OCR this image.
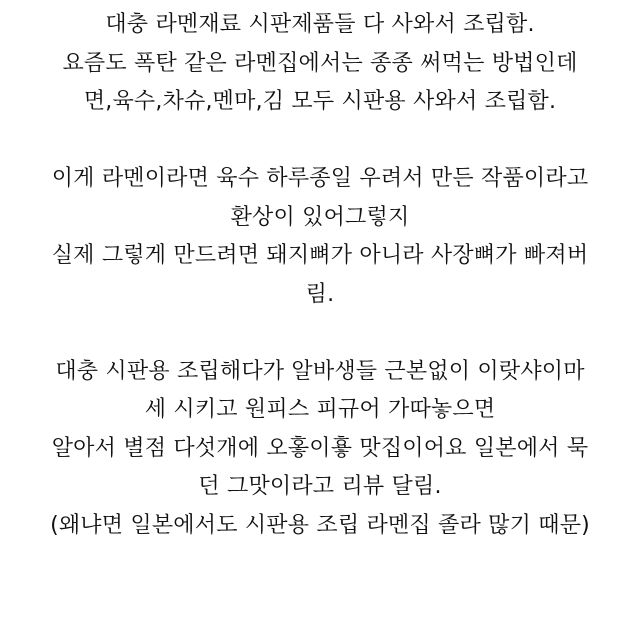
대충 라멘재료 시판제품들 다 사와서 조립함.
요즘도 폭탄 같은 라멘집에서는 종종 써먹는 방법인데
면,육수,차슈,멘마,김 모두 시판용 사와서 조립함.
이게 라멘이라면 육수 하루종일 우려서 만든 작품이라고
환상이 있어그렇지
실제 그렇게 만드려면 돼지뼈가 아니라 사장뼈가 빠져버
림.
대충 시판용 조립해다가 알바생들 근본없이 이랏샤이마
세 시키고 원피스 피규어 가따놓으면
알아서 별점 다섯개에 오홓이훃 맛집이어요 일본에서 묵
던 그맛이라고 리뷰 달림.
(왜냐면 일본에서도 시판용 조립 라멘집 졸라 많기 때문)
